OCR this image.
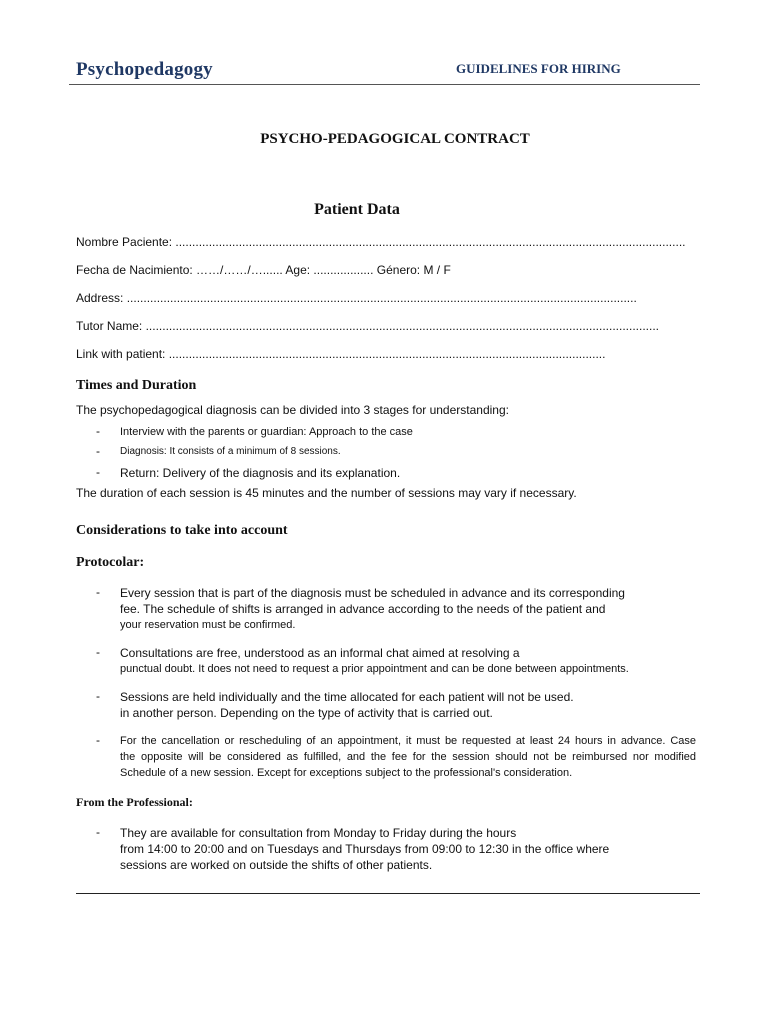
Psychopedagogy	GUIDELINES FOR HIRING
PSYCHO-PEDAGOGICAL CONTRACT
Patient Data
Nombre Paciente: .........................................................................................................................................................
Fecha de Nacimiento: ……/……/…...... Age: .................. Género: M / F
Address: .........................................................................................................................................................
Tutor Name: ..........................................................................................................................................................
Link with patient: ...................................................................................................................................
Times and Duration
The psychopedagogical diagnosis can be divided into 3 stages for understanding:
- Interview with the parents or guardian: Approach to the case
- Diagnosis: It consists of a minimum of 8 sessions.
- Return: Delivery of the diagnosis and its explanation.
The duration of each session is 45 minutes and the number of sessions may vary if necessary.
Considerations to take into account
Protocolar:
- Every session that is part of the diagnosis must be scheduled in advance and its corresponding
fee. The schedule of shifts is arranged in advance according to the needs of the patient and
your reservation must be confirmed.
- Consultations are free, understood as an informal chat aimed at resolving a
punctual doubt. It does not need to request a prior appointment and can be done between appointments.
- Sessions are held individually and the time allocated for each patient will not be used.
in another person. Depending on the type of activity that is carried out.
- For the cancellation or rescheduling of an appointment, it must be requested at least 24 hours in advance. Case
the opposite will be considered as fulfilled, and the fee for the session should not be reimbursed nor modified
Schedule of a new session. Except for exceptions subject to the professional's consideration.
From the Professional:
- They are available for consultation from Monday to Friday during the hours
from 14:00 to 20:00 and on Tuesdays and Thursdays from 09:00 to 12:30 in the office where
sessions are worked on outside the shifts of other patients.
